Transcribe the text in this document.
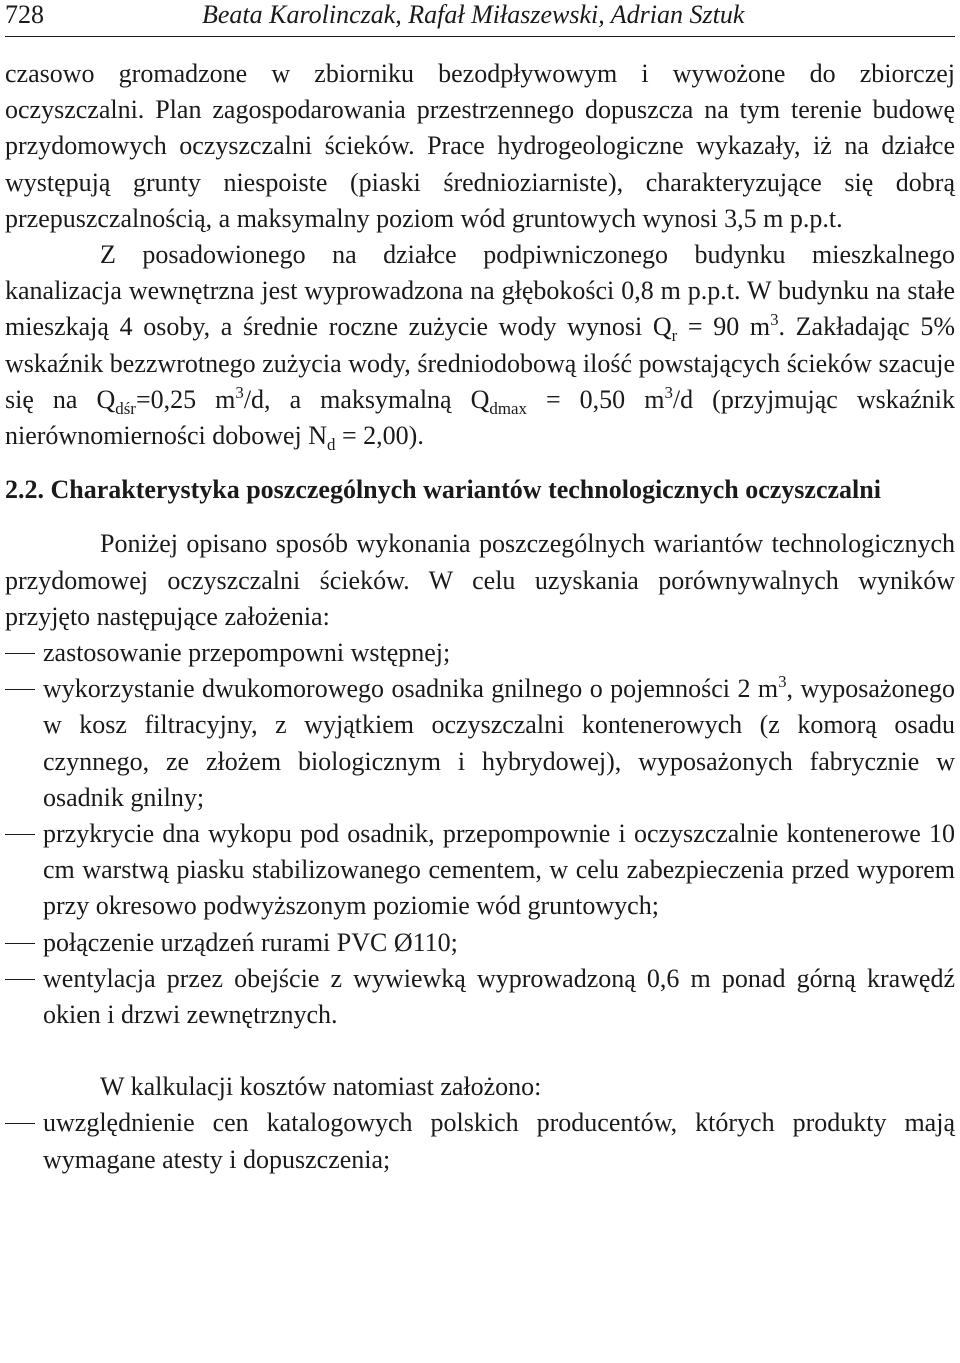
728	Beata Karolinczak, Rafał Miłaszewski, Adrian Sztuk

czasowo gromadzone w zbiorniku bezodpływowym i wywożone do zbiorczej oczyszczalni. Plan zagospodarowania przestrzennego dopuszcza na tym terenie budowę przydomowych oczyszczalni ścieków. Prace hydrogeologiczne wykazały, iż na działce występują grunty niespoiste (piaski średnioziarniste), charakteryzujące się dobrą przepuszczalnością, a maksymalny poziom wód gruntowych wynosi 3,5 m p.p.t.

Z posadowionego na działce podpiwniczonego budynku mieszkalnego kanalizacja wewnętrzna jest wyprowadzona na głębokości 0,8 m p.p.t. W budynku na stałe mieszkają 4 osoby, a średnie roczne zużycie wody wynosi $Q_r = 90$ $m^3$. Zakładając 5% wskaźnik bezzwrotnego zużycia wody, średniodobową ilość powstających ścieków szacuje się na $Q_{dśr}=0,25$ $m^3/d$, a maksymalną $Q_{dmax} = 0,50$ $m^3/d$ (przyjmując wskaźnik nierównomierności dobowej $N_d = 2,00$).

2.2. Charakterystyka poszczególnych wariantów technologicznych oczyszczalni

Poniżej opisano sposób wykonania poszczególnych wariantów technologicznych przydomowej oczyszczalni ścieków. W celu uzyskania porównywalnych wyników przyjęto następujące założenia:

zastosowanie przepompowni wstępnej;
wykorzystanie dwukomorowego osadnika gnilnego o pojemności 2 $m^3$, wyposażonego w kosz filtracyjny, z wyjątkiem oczyszczalni kontenerowych (z komorą osadu czynnego, ze złożem biologicznym i hybrydowej), wyposażonych fabrycznie w osadnik gnilny;
przykrycie dna wykopu pod osadnik, przepompownie i oczyszczalnie kontenerowe 10 cm warstwą piasku stabilizowanego cementem, w celu zabezpieczenia przed wyporem przy okresowo podwyższonym poziomie wód gruntowych;
połączenie urządzeń rurami PVC Ø110;
wentylacja przez obejście z wywiewką wyprowadzoną 0,6 m ponad górną krawędź okien i drzwi zewnętrznych.

W kalkulacji kosztów natomiast założono:

uwzględnienie cen katalogowych polskich producentów, których produkty mają wymagane atesty i dopuszczenia;
